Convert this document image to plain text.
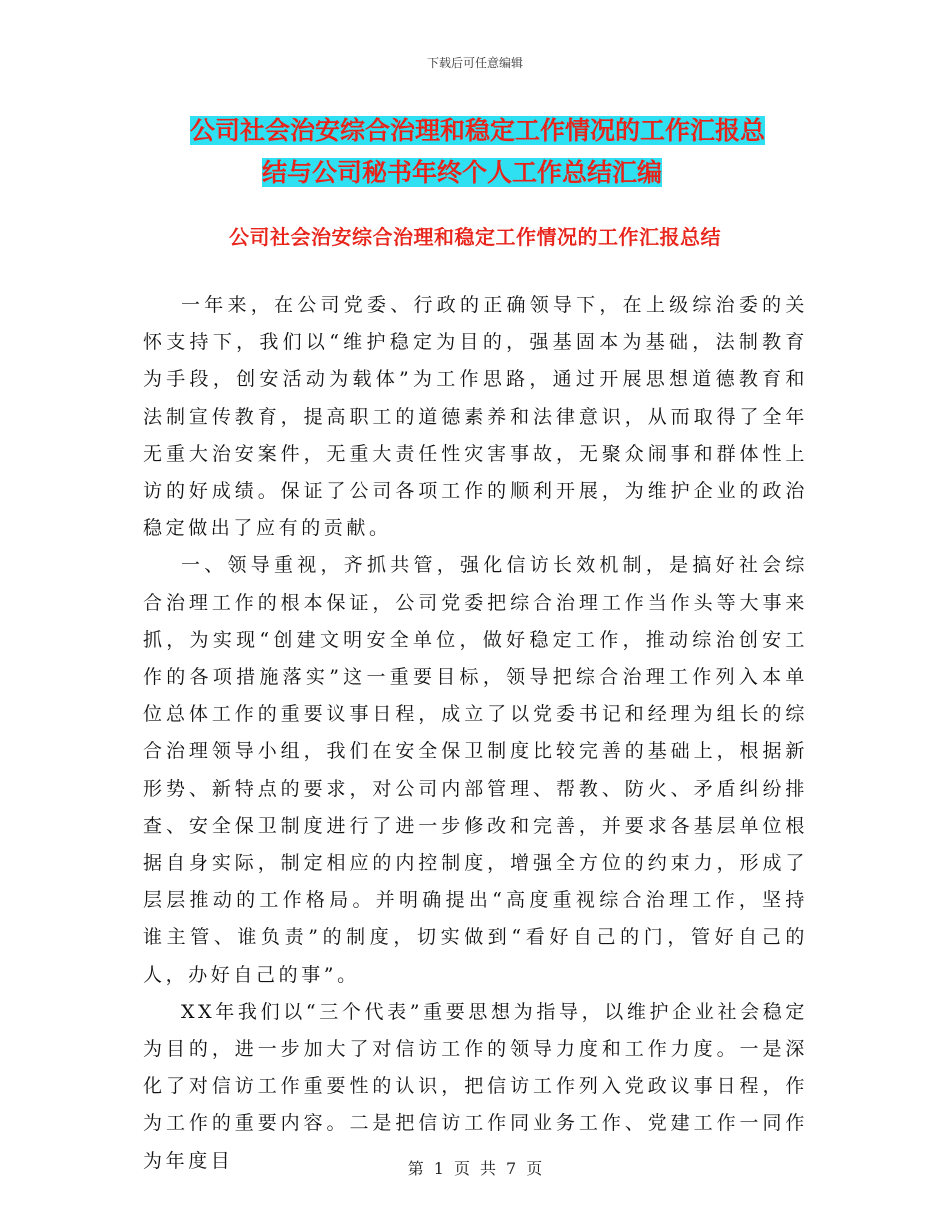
下载后可任意编辑
公司社会治安综合治理和稳定工作情况的工作汇报总
结与公司秘书年终个人工作总结汇编
公司社会治安综合治理和稳定工作情况的工作汇报总结

一年来，在公司党委、行政的正确领导下，在上级综治委的关怀支持下，我们以“维护稳定为目的，强基固本为基础，法制教育为手段，创安活动为载体”为工作思路，通过开展思想道德教育和法制宣传教育，提高职工的道德素养和法律意识，从而取得了全年无重大治安案件，无重大责任性灾害事故，无聚众闹事和群体性上访的好成绩。保证了公司各项工作的顺利开展，为维护企业的政治稳定做出了应有的贡献。

一、领导重视，齐抓共管，强化信访长效机制，是搞好社会综合治理工作的根本保证，公司党委把综合治理工作当作头等大事来抓，为实现“创建文明安全单位，做好稳定工作，推动综治创安工作的各项措施落实”这一重要目标，领导把综合治理工作列入本单位总体工作的重要议事日程，成立了以党委书记和经理为组长的综合治理领导小组，我们在安全保卫制度比较完善的基础上，根据新形势、新特点的要求，对公司内部管理、帮教、防火、矛盾纠纷排查、安全保卫制度进行了进一步修改和完善，并要求各基层单位根据自身实际，制定相应的内控制度，增强全方位的约束力，形成了层层推动的工作格局。并明确提出“高度重视综合治理工作，坚持谁主管、谁负责”的制度，切实做到“看好自己的门，管好自己的人，办好自己的事”。

XX年我们以“三个代表”重要思想为指导，以维护企业社会稳定为目的，进一步加大了对信访工作的领导力度和工作力度。一是深化了对信访工作重要性的认识，把信访工作列入党政议事日程，作为工作的重要内容。二是把信访工作同业务工作、党建工作一同作为年度目	第 1 页 共 7 页
